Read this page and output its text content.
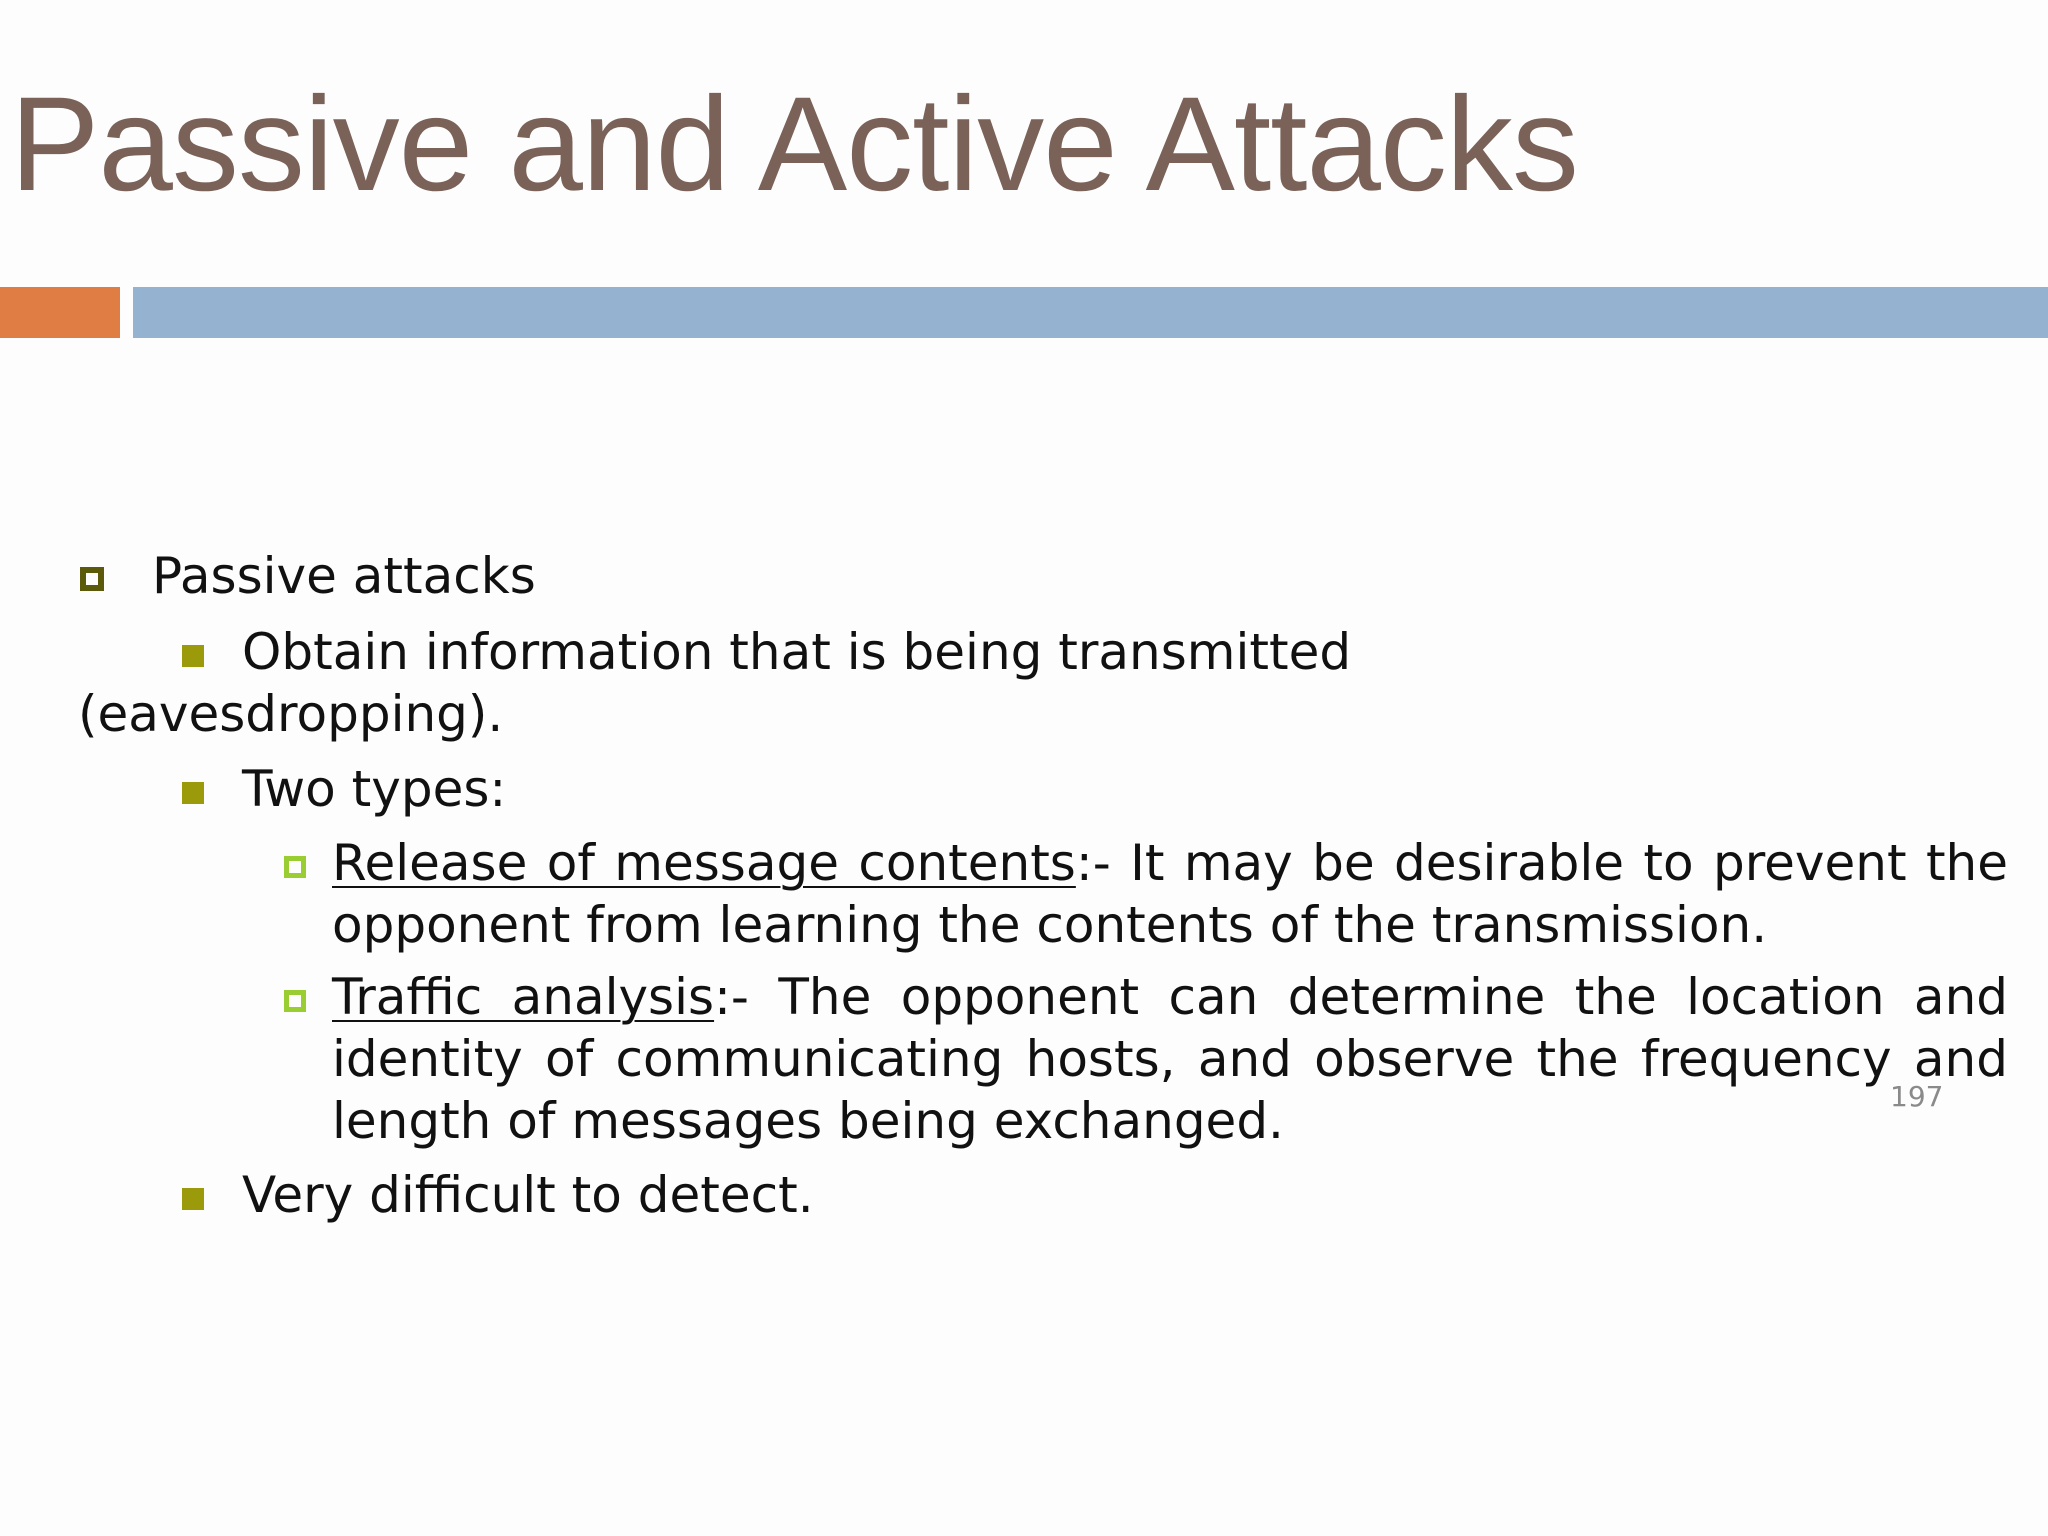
Passive and Active Attacks
Passive attacks
Obtain information that is being transmitted
(eavesdropping).
Two types:
Release of message contents:- It may be desirable to prevent the opponent from learning the contents of the transmission.
Traffic analysis:- The opponent can determine the location and identity of communicating hosts, and observe the frequency and length of messages being exchanged.
Very difficult to detect.
197
